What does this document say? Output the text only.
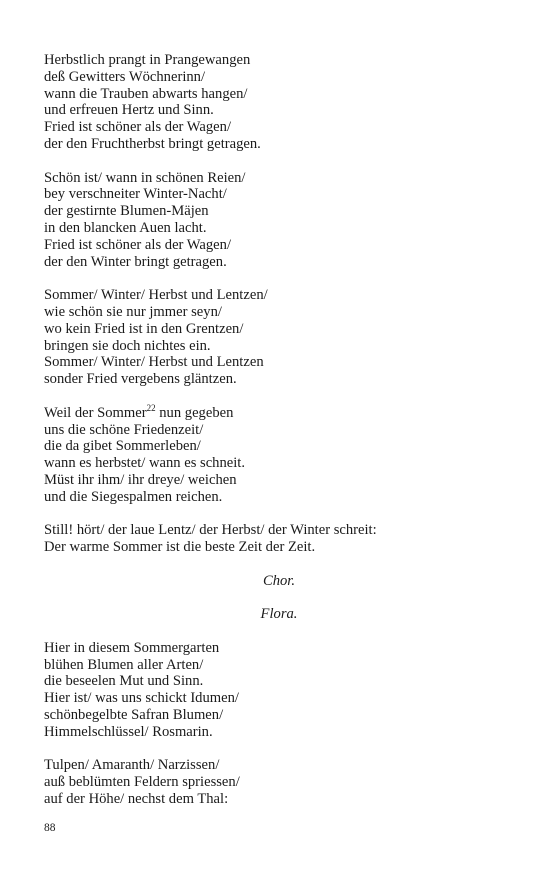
Herbstlich prangt in Prangewangen
deß Gewitters Wöchnerinn/
wann die Trauben abwarts hangen/
und erfreuen Hertz und Sinn.
Fried ist schöner als der Wagen/
der den Fruchtherbst bringt getragen.
Schön ist/ wann in schönen Reien/
bey verschneiter Winter-Nacht/
der gestirnte Blumen-Mäjen
in den blancken Auen lacht.
Fried ist schöner als der Wagen/
der den Winter bringt getragen.
Sommer/ Winter/ Herbst und Lentzen/
wie schön sie nur jmmer seyn/
wo kein Fried ist in den Grentzen/
bringen sie doch nichtes ein.
Sommer/ Winter/ Herbst und Lentzen
sonder Fried vergebens gläntzen.
Weil der Sommer$^{22}$ nun gegeben
uns die schöne Friedenzeit/
die da gibet Sommerleben/
wann es herbstet/ wann es schneit.
Müst ihr ihm/ ihr dreye/ weichen
und die Siegespalmen reichen.
Still! hört/ der laue Lentz/ der Herbst/ der Winter schreit:
Der warme Sommer ist die beste Zeit der Zeit.
Chor.
Flora.
Hier in diesem Sommergarten
blühen Blumen aller Arten/
die beseelen Mut und Sinn.
Hier ist/ was uns schickt Idumen/
schönbegelbte Safran Blumen/
Himmelschlüssel/ Rosmarin.
Tulpen/ Amaranth/ Narzissen/
auß beblümten Feldern spriessen/
auf der Höhe/ nechst dem Thal:
88
